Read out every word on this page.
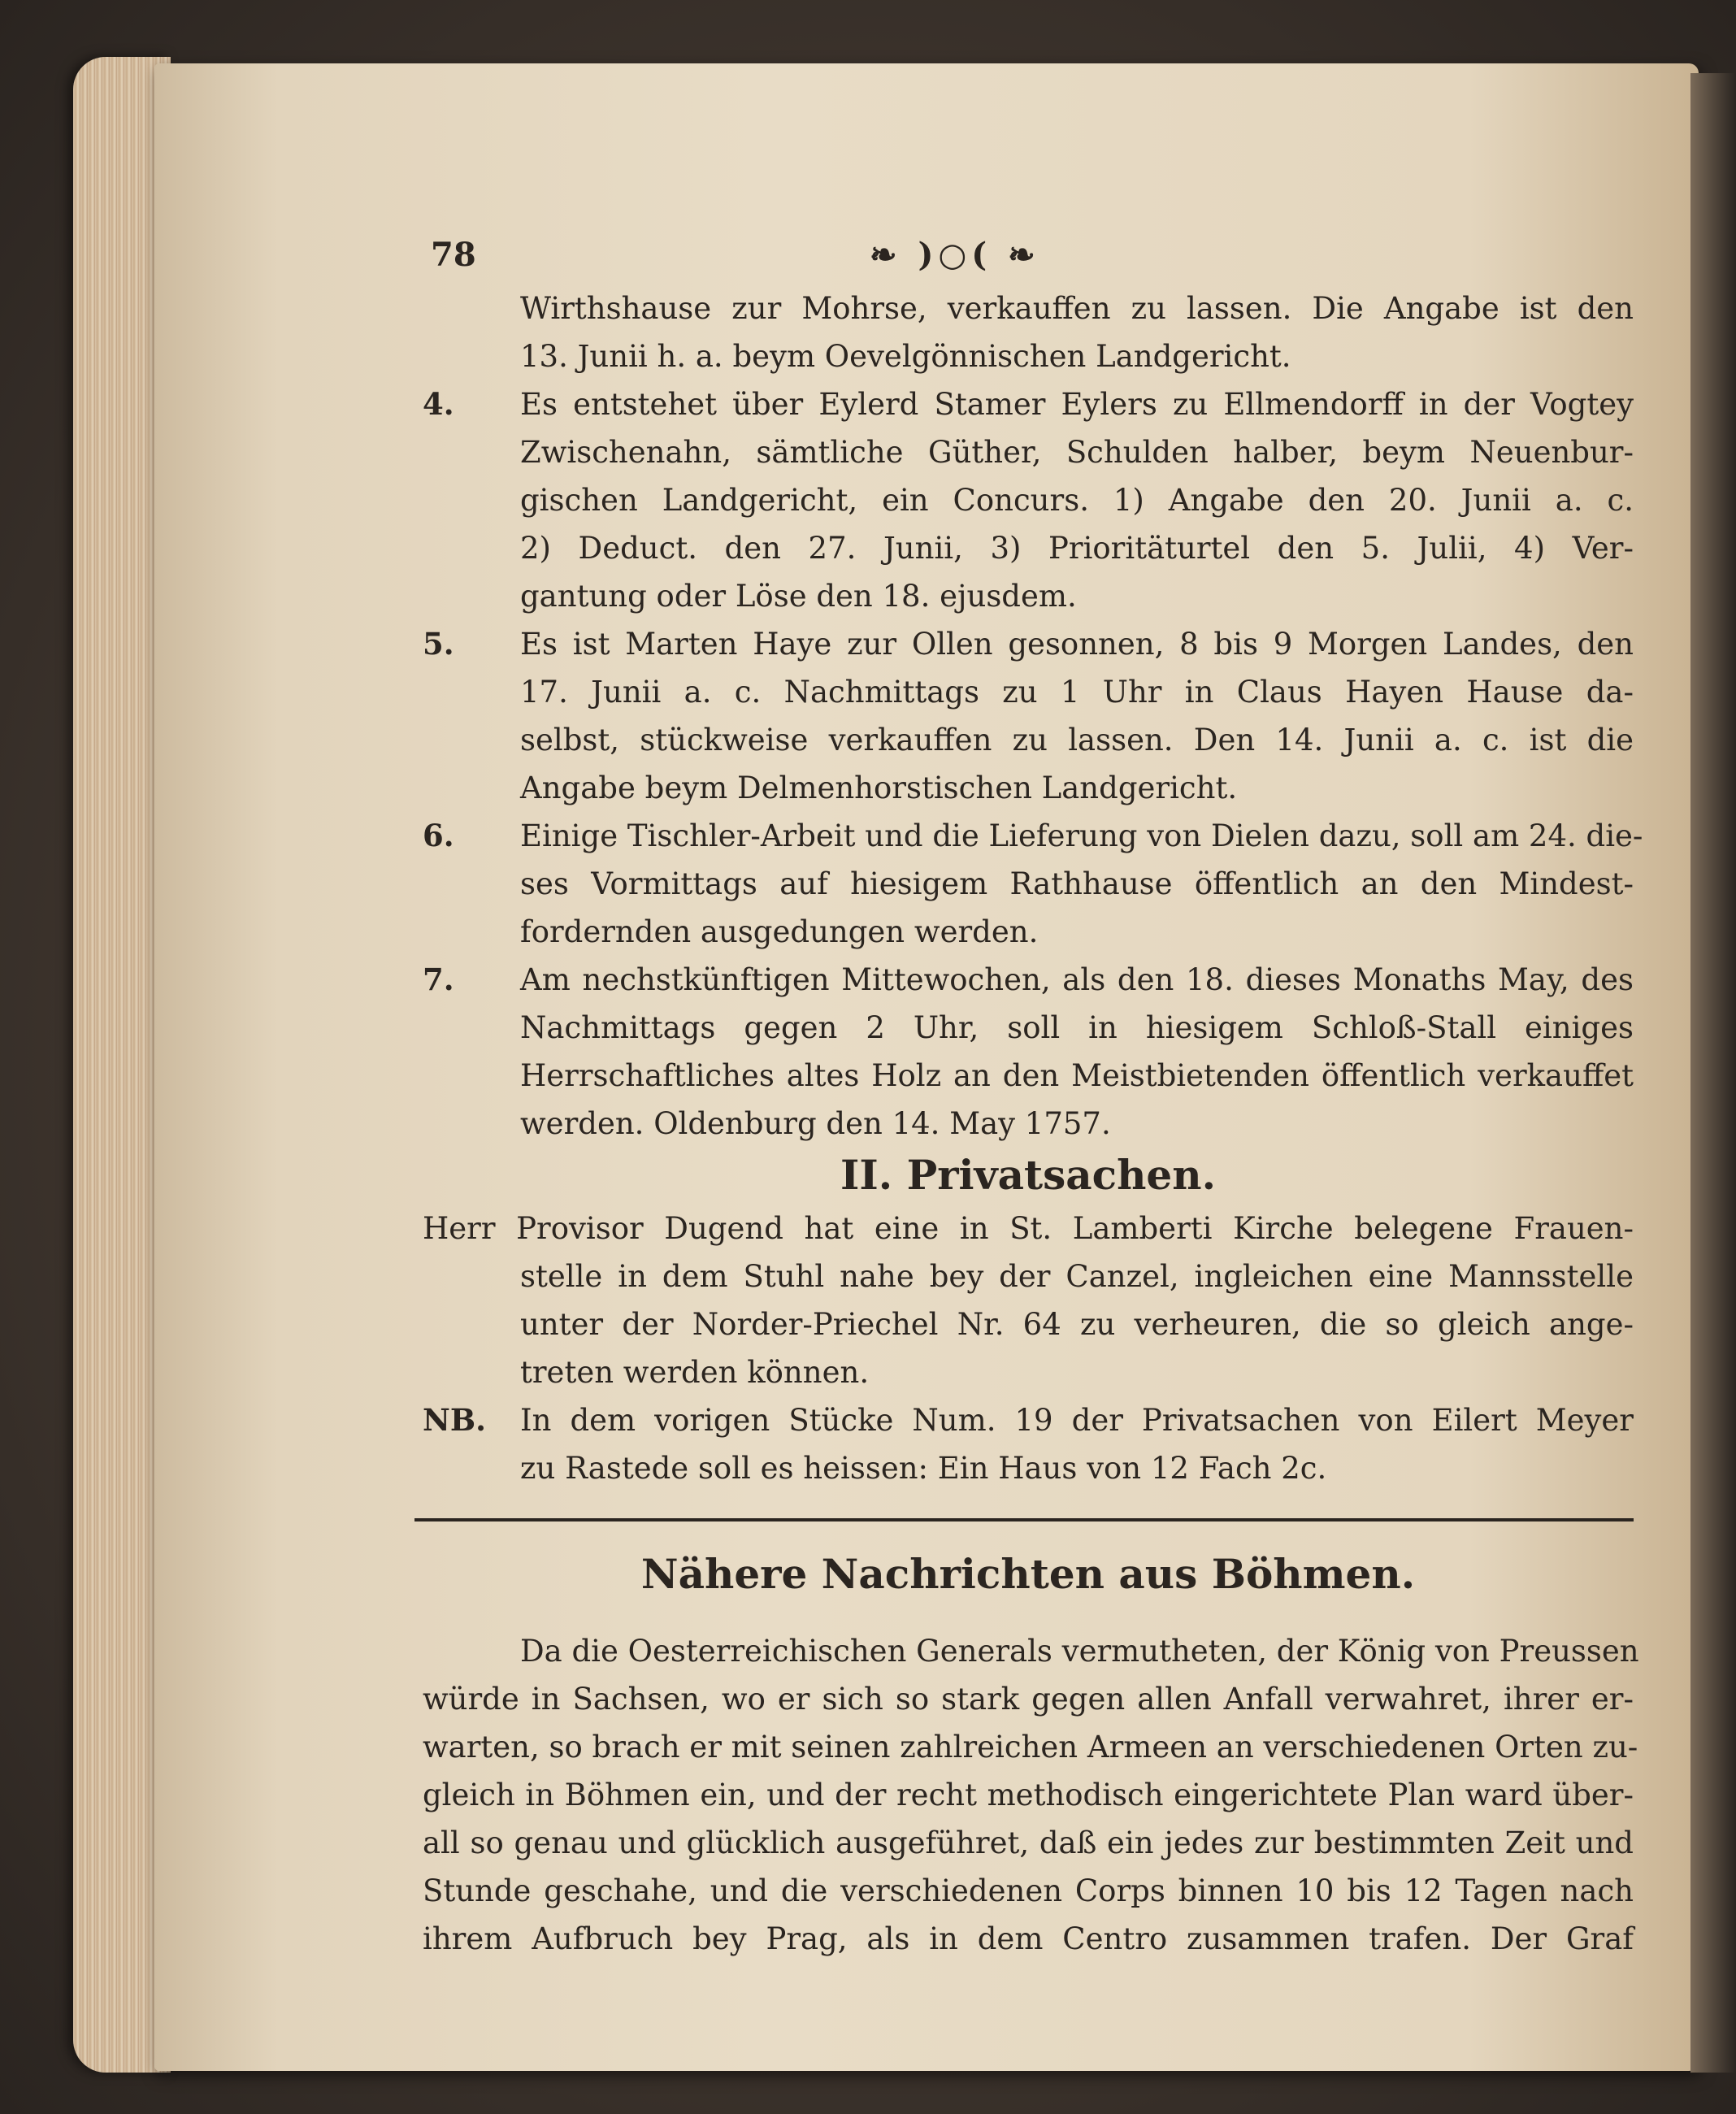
78	❧ )○( ❧
Wirthshause zur Mohrse, verkauffen zu lassen. Die Angabe ist den
13. Junii h. a. beym Oevelgönnischen Landgericht.
4. Es entstehet über Eylerd Stamer Eylers zu Ellmendorff in der Vogtey
Zwischenahn, sämtliche Güther, Schulden halber, beym Neuenbur-
gischen Landgericht, ein Concurs. 1) Angabe den 20. Junii a. c.
2) Deduct. den 27. Junii, 3) Prioritäturtel den 5. Julii, 4) Ver-
gantung oder Löse den 18. ejusdem.
5. Es ist Marten Haye zur Ollen gesonnen, 8 bis 9 Morgen Landes, den
17. Junii a. c. Nachmittags zu 1 Uhr in Claus Hayen Hause da-
selbst, stückweise verkauffen zu lassen. Den 14. Junii a. c. ist die
Angabe beym Delmenhorstischen Landgericht.
6. Einige Tischler-Arbeit und die Lieferung von Dielen dazu, soll am 24. die-
ses Vormittags auf hiesigem Rathhause öffentlich an den Mindest-
fordernden ausgedungen werden.
7. Am nechstkünftigen Mittewochen, als den 18. dieses Monaths May, des
Nachmittags gegen 2 Uhr, soll in hiesigem Schloß-Stall einiges
Herrschaftliches altes Holz an den Meistbietenden öffentlich verkauffet
werden. Oldenburg den 14. May 1757.
II. Privatsachen.
Herr Provisor Dugend hat eine in St. Lamberti Kirche belegene Frauen-
stelle in dem Stuhl nahe bey der Canzel, ingleichen eine Mannsstelle
unter der Norder-Priechel Nr. 64 zu verheuren, die so gleich ange-
treten werden können.
NB. In dem vorigen Stücke Num. 19 der Privatsachen von Eilert Meyer
zu Rastede soll es heissen: Ein Haus von 12 Fach 2c.
Nähere Nachrichten aus Böhmen.
Da die Oesterreichischen Generals vermutheten, der König von Preussen
würde in Sachsen, wo er sich so stark gegen allen Anfall verwahret, ihrer er-
warten, so brach er mit seinen zahlreichen Armeen an verschiedenen Orten zu-
gleich in Böhmen ein, und der recht methodisch eingerichtete Plan ward über-
all so genau und glücklich ausgeführet, daß ein jedes zur bestimmten Zeit und
Stunde geschahe, und die verschiedenen Corps binnen 10 bis 12 Tagen nach
ihrem Aufbruch bey Prag, als in dem Centro zusammen trafen. Der Graf
